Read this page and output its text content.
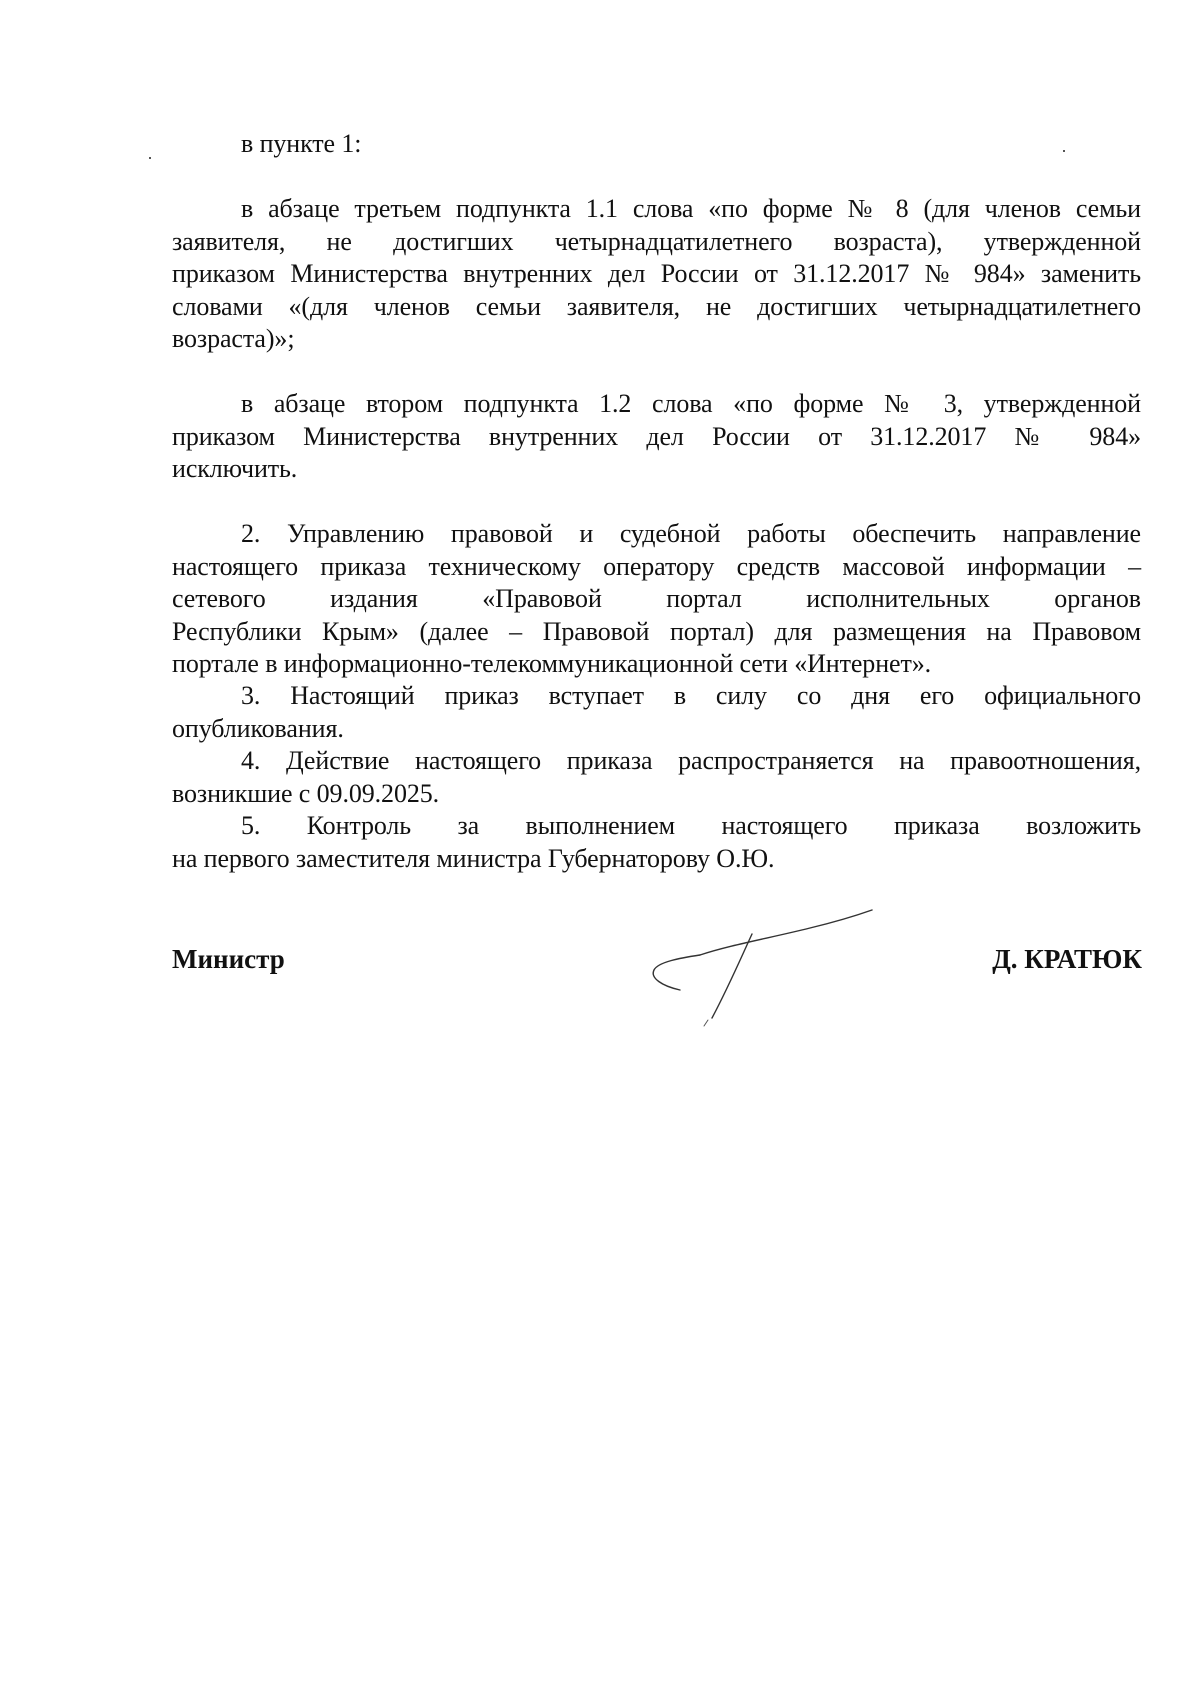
в пункте 1:
в абзаце третьем подпункта 1.1 слова «по форме № 8 (для членов семьи
заявителя, не достигших четырнадцатилетнего возраста), утвержденной
приказом Министерства внутренних дел России от 31.12.2017 № 984» заменить
словами «(для членов семьи заявителя, не достигших четырнадцатилетнего
возраста)»;
в абзаце втором подпункта 1.2 слова «по форме № 3, утвержденной
приказом Министерства внутренних дел России от 31.12.2017 № 984»
исключить.
2. Управлению правовой и судебной работы обеспечить направление
настоящего приказа техническому оператору средств массовой информации –
сетевого издания «Правовой портал исполнительных органов
Республики Крым» (далее – Правовой портал) для размещения на Правовом
портале в информационно-телекоммуникационной сети «Интернет».
3. Настоящий приказ вступает в силу со дня его официального
опубликования.
4. Действие настоящего приказа распространяется на правоотношения,
возникшие с 09.09.2025.
5. Контроль за выполнением настоящего приказа возложить
на первого заместителя министра Губернаторову О.Ю.
Министр	Д. КРАТЮК
